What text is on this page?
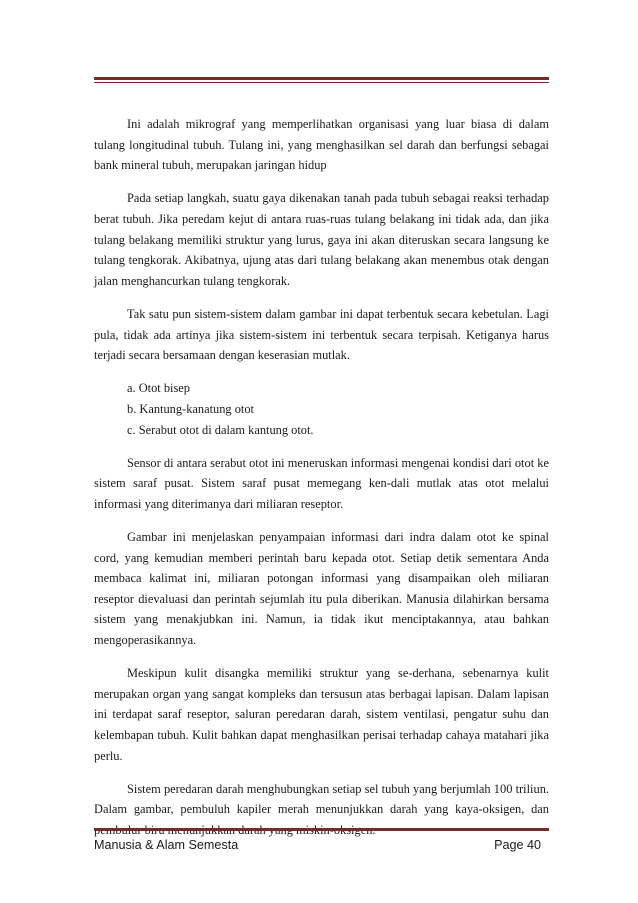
Ini adalah mikrograf yang memperlihatkan organisasi yang luar biasa di dalam tulang longitudinal tubuh. Tulang ini, yang menghasilkan sel darah dan berfungsi sebagai bank mineral tubuh, merupakan jaringan hidup

Pada setiap langkah, suatu gaya dikenakan tanah pada tubuh sebagai reaksi terhadap berat tubuh. Jika peredam kejut di antara ruas-ruas tulang belakang ini tidak ada, dan jika tulang belakang memiliki struktur yang lurus, gaya ini akan diteruskan secara langsung ke tulang tengkorak. Akibatnya, ujung atas dari tulang belakang akan menembus otak dengan jalan menghancurkan tulang tengkorak.

Tak satu pun sistem-sistem dalam gambar ini dapat terbentuk secara kebetulan. Lagi pula, tidak ada artinya jika sistem-sistem ini terbentuk secara terpisah. Ketiganya harus terjadi secara bersamaan dengan keserasian mutlak.

a. Otot bisep
b. Kantung-kanatung otot
c. Serabut otot di dalam kantung otot.

Sensor di antara serabut otot ini meneruskan informasi mengenai kondisi dari otot ke sistem saraf pusat. Sistem saraf pusat memegang ken-dali mutlak atas otot melalui informasi yang diterimanya dari miliaran reseptor.

Gambar ini menjelaskan penyampaian informasi dari indra dalam otot ke spinal cord, yang kemudian memberi perintah baru kepada otot. Setiap detik sementara Anda membaca kalimat ini, miliaran potongan informasi yang disampaikan oleh miliaran reseptor dievaluasi dan perintah sejumlah itu pula diberikan. Manusia dilahirkan bersama sistem yang menakjubkan ini. Namun, ia tidak ikut menciptakannya, atau bahkan mengoperasikannya.

Meskipun kulit disangka memiliki struktur yang se-derhana, sebenarnya kulit merupakan organ yang sangat kompleks dan tersusun atas berbagai lapisan. Dalam lapisan ini terdapat saraf reseptor, saluran peredaran darah, sistem ventilasi, pengatur suhu dan kelembapan tubuh. Kulit bahkan dapat menghasilkan perisai terhadap cahaya matahari jika perlu.

Sistem peredaran darah menghubungkan setiap sel tubuh yang berjumlah 100 triliun. Dalam gambar, pembuluh kapiler merah menunjukkan darah yang kaya-oksigen, dan

Manusia & Alam Semesta	Page 40
